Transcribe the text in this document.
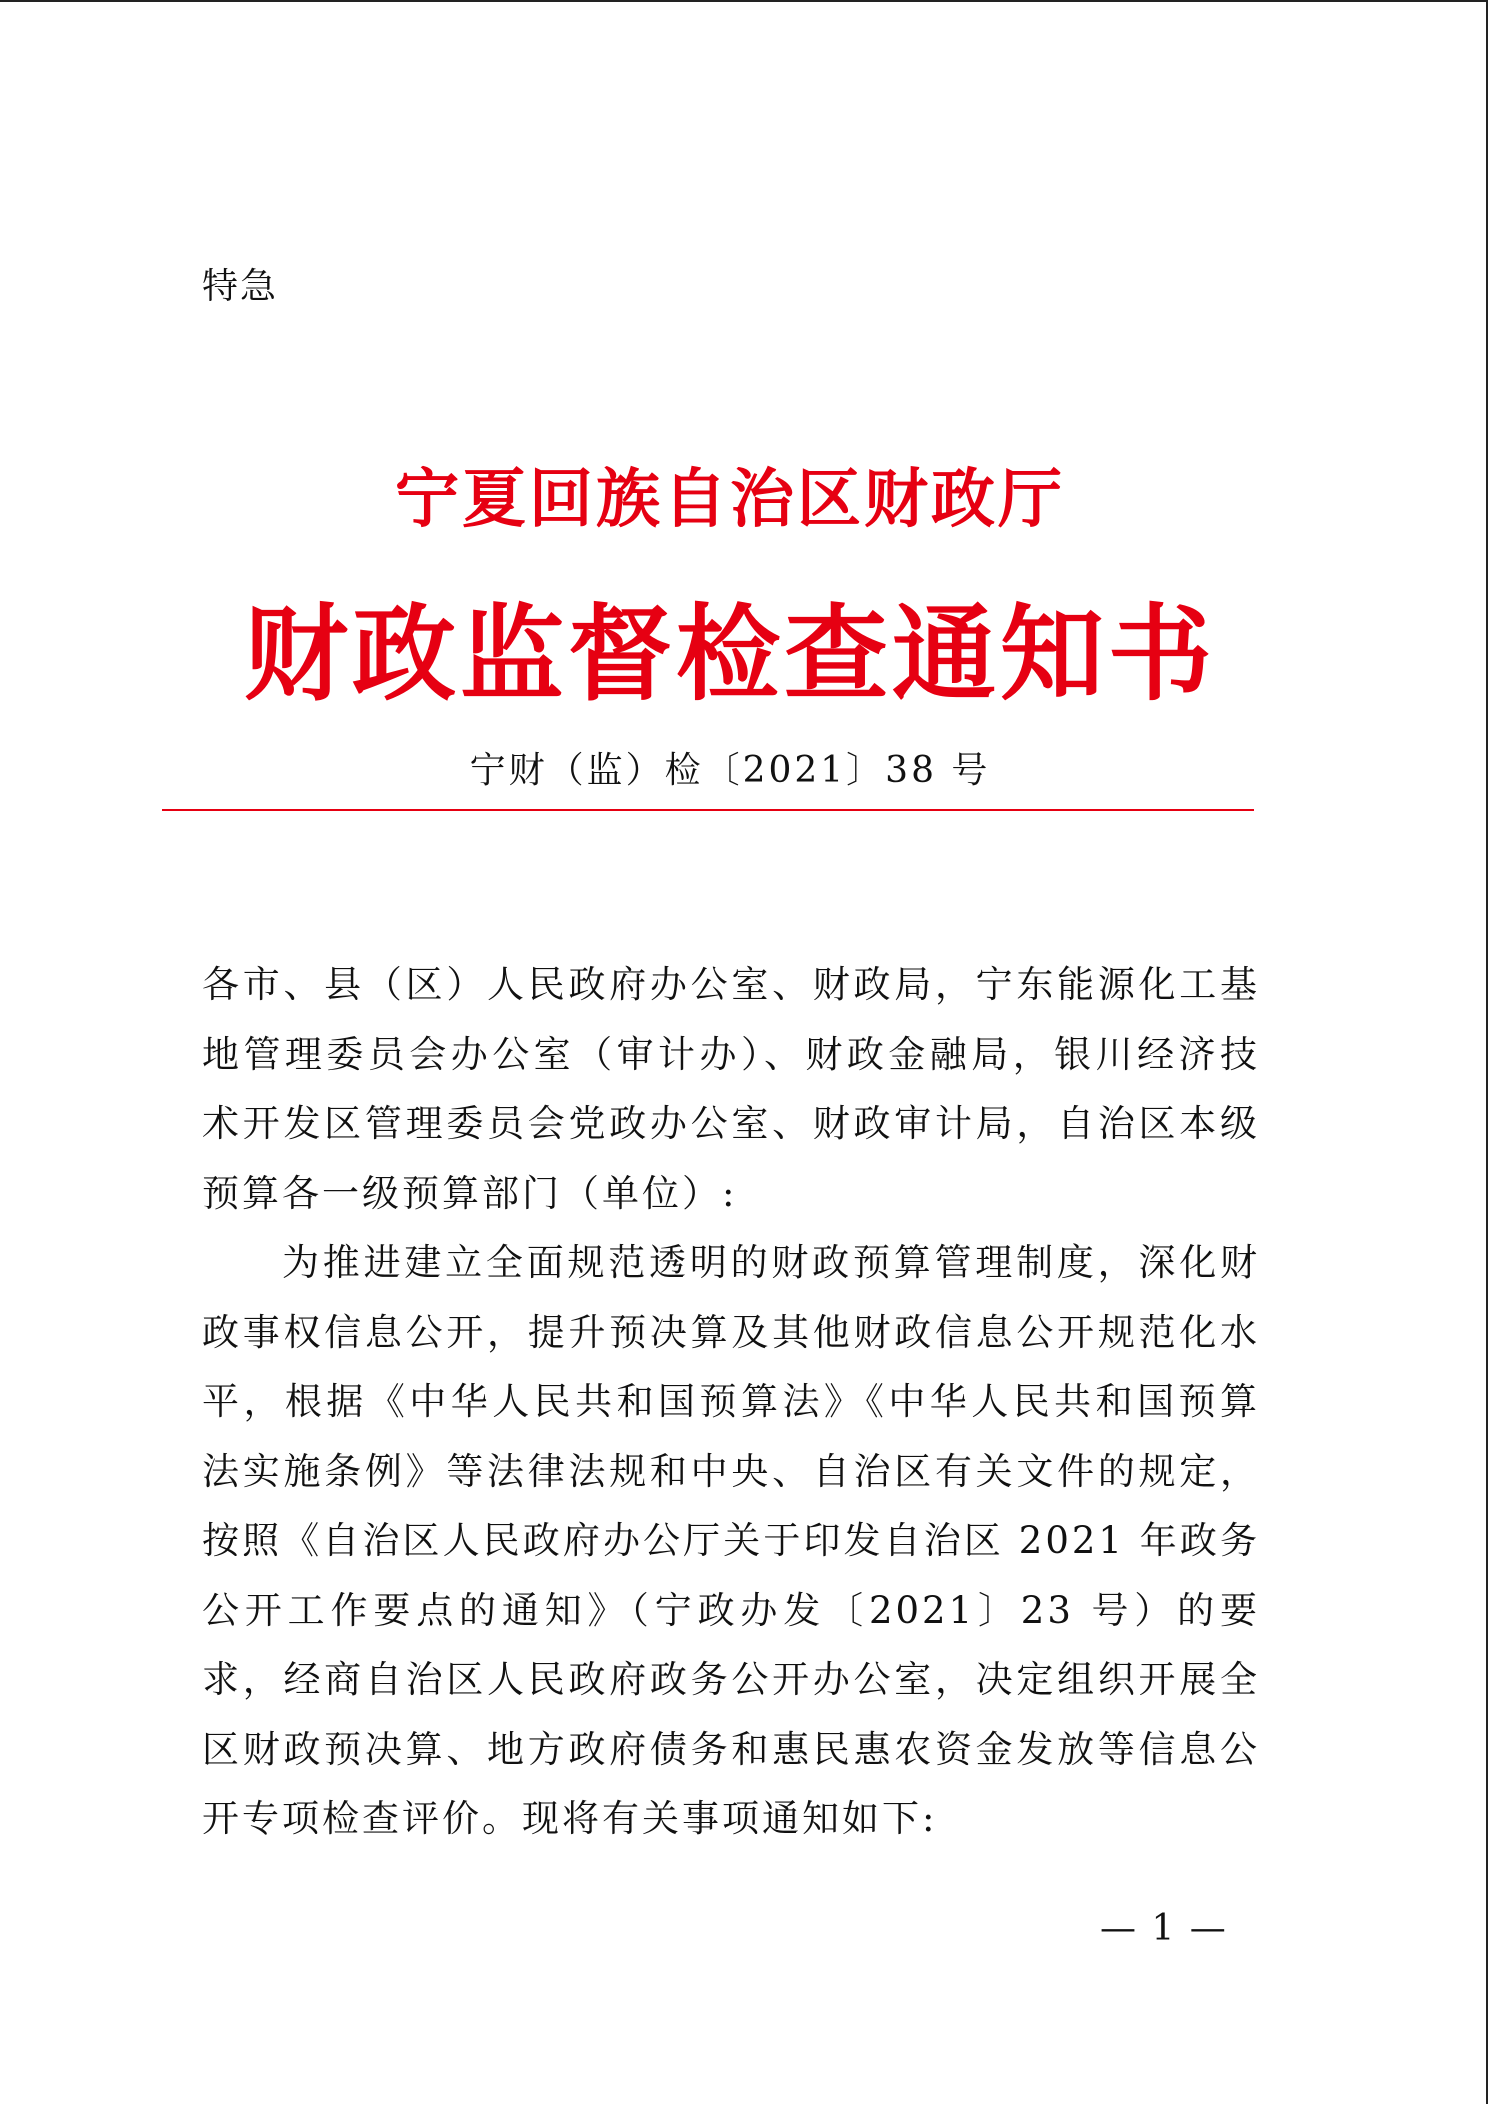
特急
宁夏回族自治区财政厅
财政监督检查通知书
宁财（监）检〔2021〕38 号

各市、县（区）人民政府办公室、财政局，宁东能源化工基地管理委员会办公室（审计办）、财政金融局，银川经济技术开发区管理委员会党政办公室、财政审计局，自治区本级预算各一级预算部门（单位）:

为推进建立全面规范透明的财政预算管理制度，深化财政事权信息公开，提升预决算及其他财政信息公开规范化水平，根据《中华人民共和国预算法》《中华人民共和国预算法实施条例》等法律法规和中央、自治区有关文件的规定，按照《自治区人民政府办公厅关于印发自治区 2021 年政务公开工作要点的通知》（宁政办发〔2021〕23 号）的要求，经商自治区人民政府政务公开办公室，决定组织开展全区财政预决算、地方政府债务和惠民惠农资金发放等信息公开专项检查评价。现将有关事项通知如下:

— 1 —
